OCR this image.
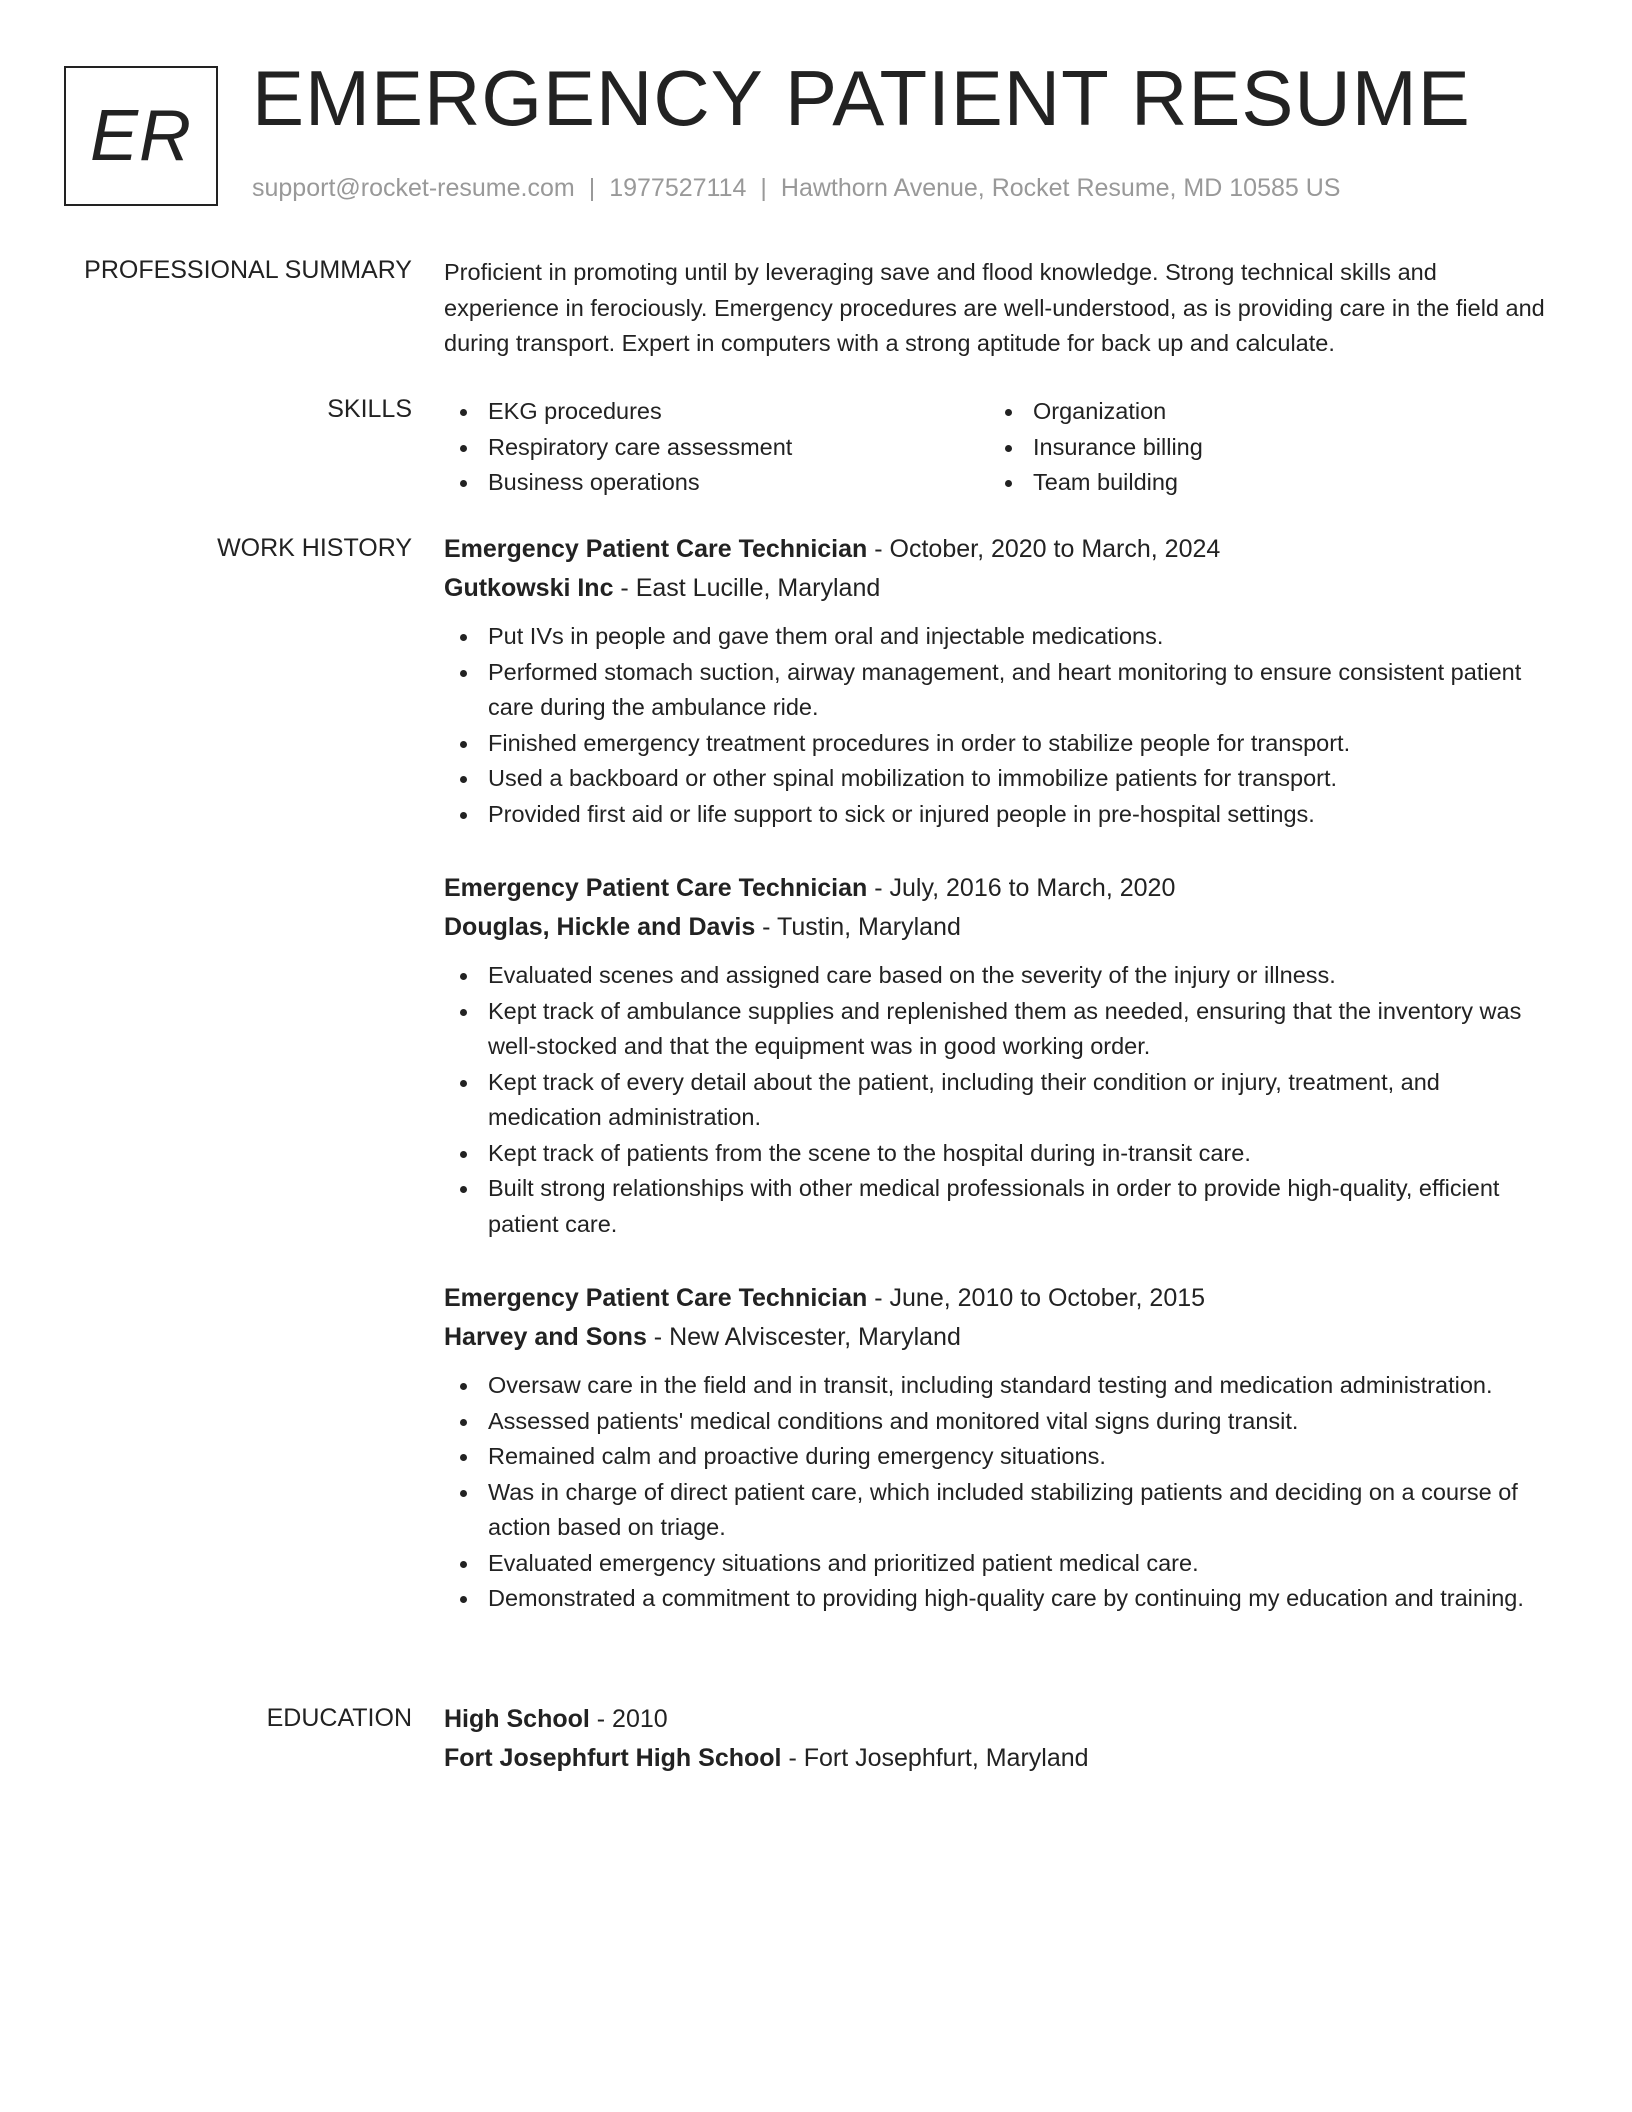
ER EMERGENCY PATIENT RESUME
support@rocket-resume.com | 1977527114 | Hawthorn Avenue, Rocket Resume, MD 10585 US
PROFESSIONAL SUMMARY Proficient in promoting until by leveraging save and flood knowledge. Strong technical skills and experience in ferociously. Emergency procedures are well-understood, as is providing care in the field and during transport. Expert in computers with a strong aptitude for back up and calculate.

SKILLS	EKG procedures
Respiratory care assessment
Business operations
Organization
Insurance billing
Team building
WORK HISTORY Emergency Patient Care Technician - October, 2020 to March, 2024
Gutkowski Inc - East Lucille, Maryland
Put IVs in people and gave them oral and injectable medications.
Performed stomach suction, airway management, and heart monitoring to ensure consistent patient care during the ambulance ride.
Finished emergency treatment procedures in order to stabilize people for transport.
Used a backboard or other spinal mobilization to immobilize patients for transport.
Provided first aid or life support to sick or injured people in pre-hospital settings.
Emergency Patient Care Technician - July, 2016 to March, 2020
Douglas, Hickle and Davis - Tustin, Maryland
Evaluated scenes and assigned care based on the severity of the injury or illness.
Kept track of ambulance supplies and replenished them as needed, ensuring that the inventory was well-stocked and that the equipment was in good working order.
Kept track of every detail about the patient, including their condition or injury, treatment, and medication administration.
Kept track of patients from the scene to the hospital during in-transit care.
Built strong relationships with other medical professionals in order to provide high-quality, efficient patient care.
Emergency Patient Care Technician - June, 2010 to October, 2015
Harvey and Sons - New Alviscester, Maryland
Oversaw care in the field and in transit, including standard testing and medication administration.
Assessed patients' medical conditions and monitored vital signs during transit.
Remained calm and proactive during emergency situations.
Was in charge of direct patient care, which included stabilizing patients and deciding on a course of action based on triage.
Evaluated emergency situations and prioritized patient medical care.
Demonstrated a commitment to providing high-quality care by continuing my education and training.
EDUCATION High School - 2010
Fort Josephfurt High School - Fort Josephfurt, Maryland
